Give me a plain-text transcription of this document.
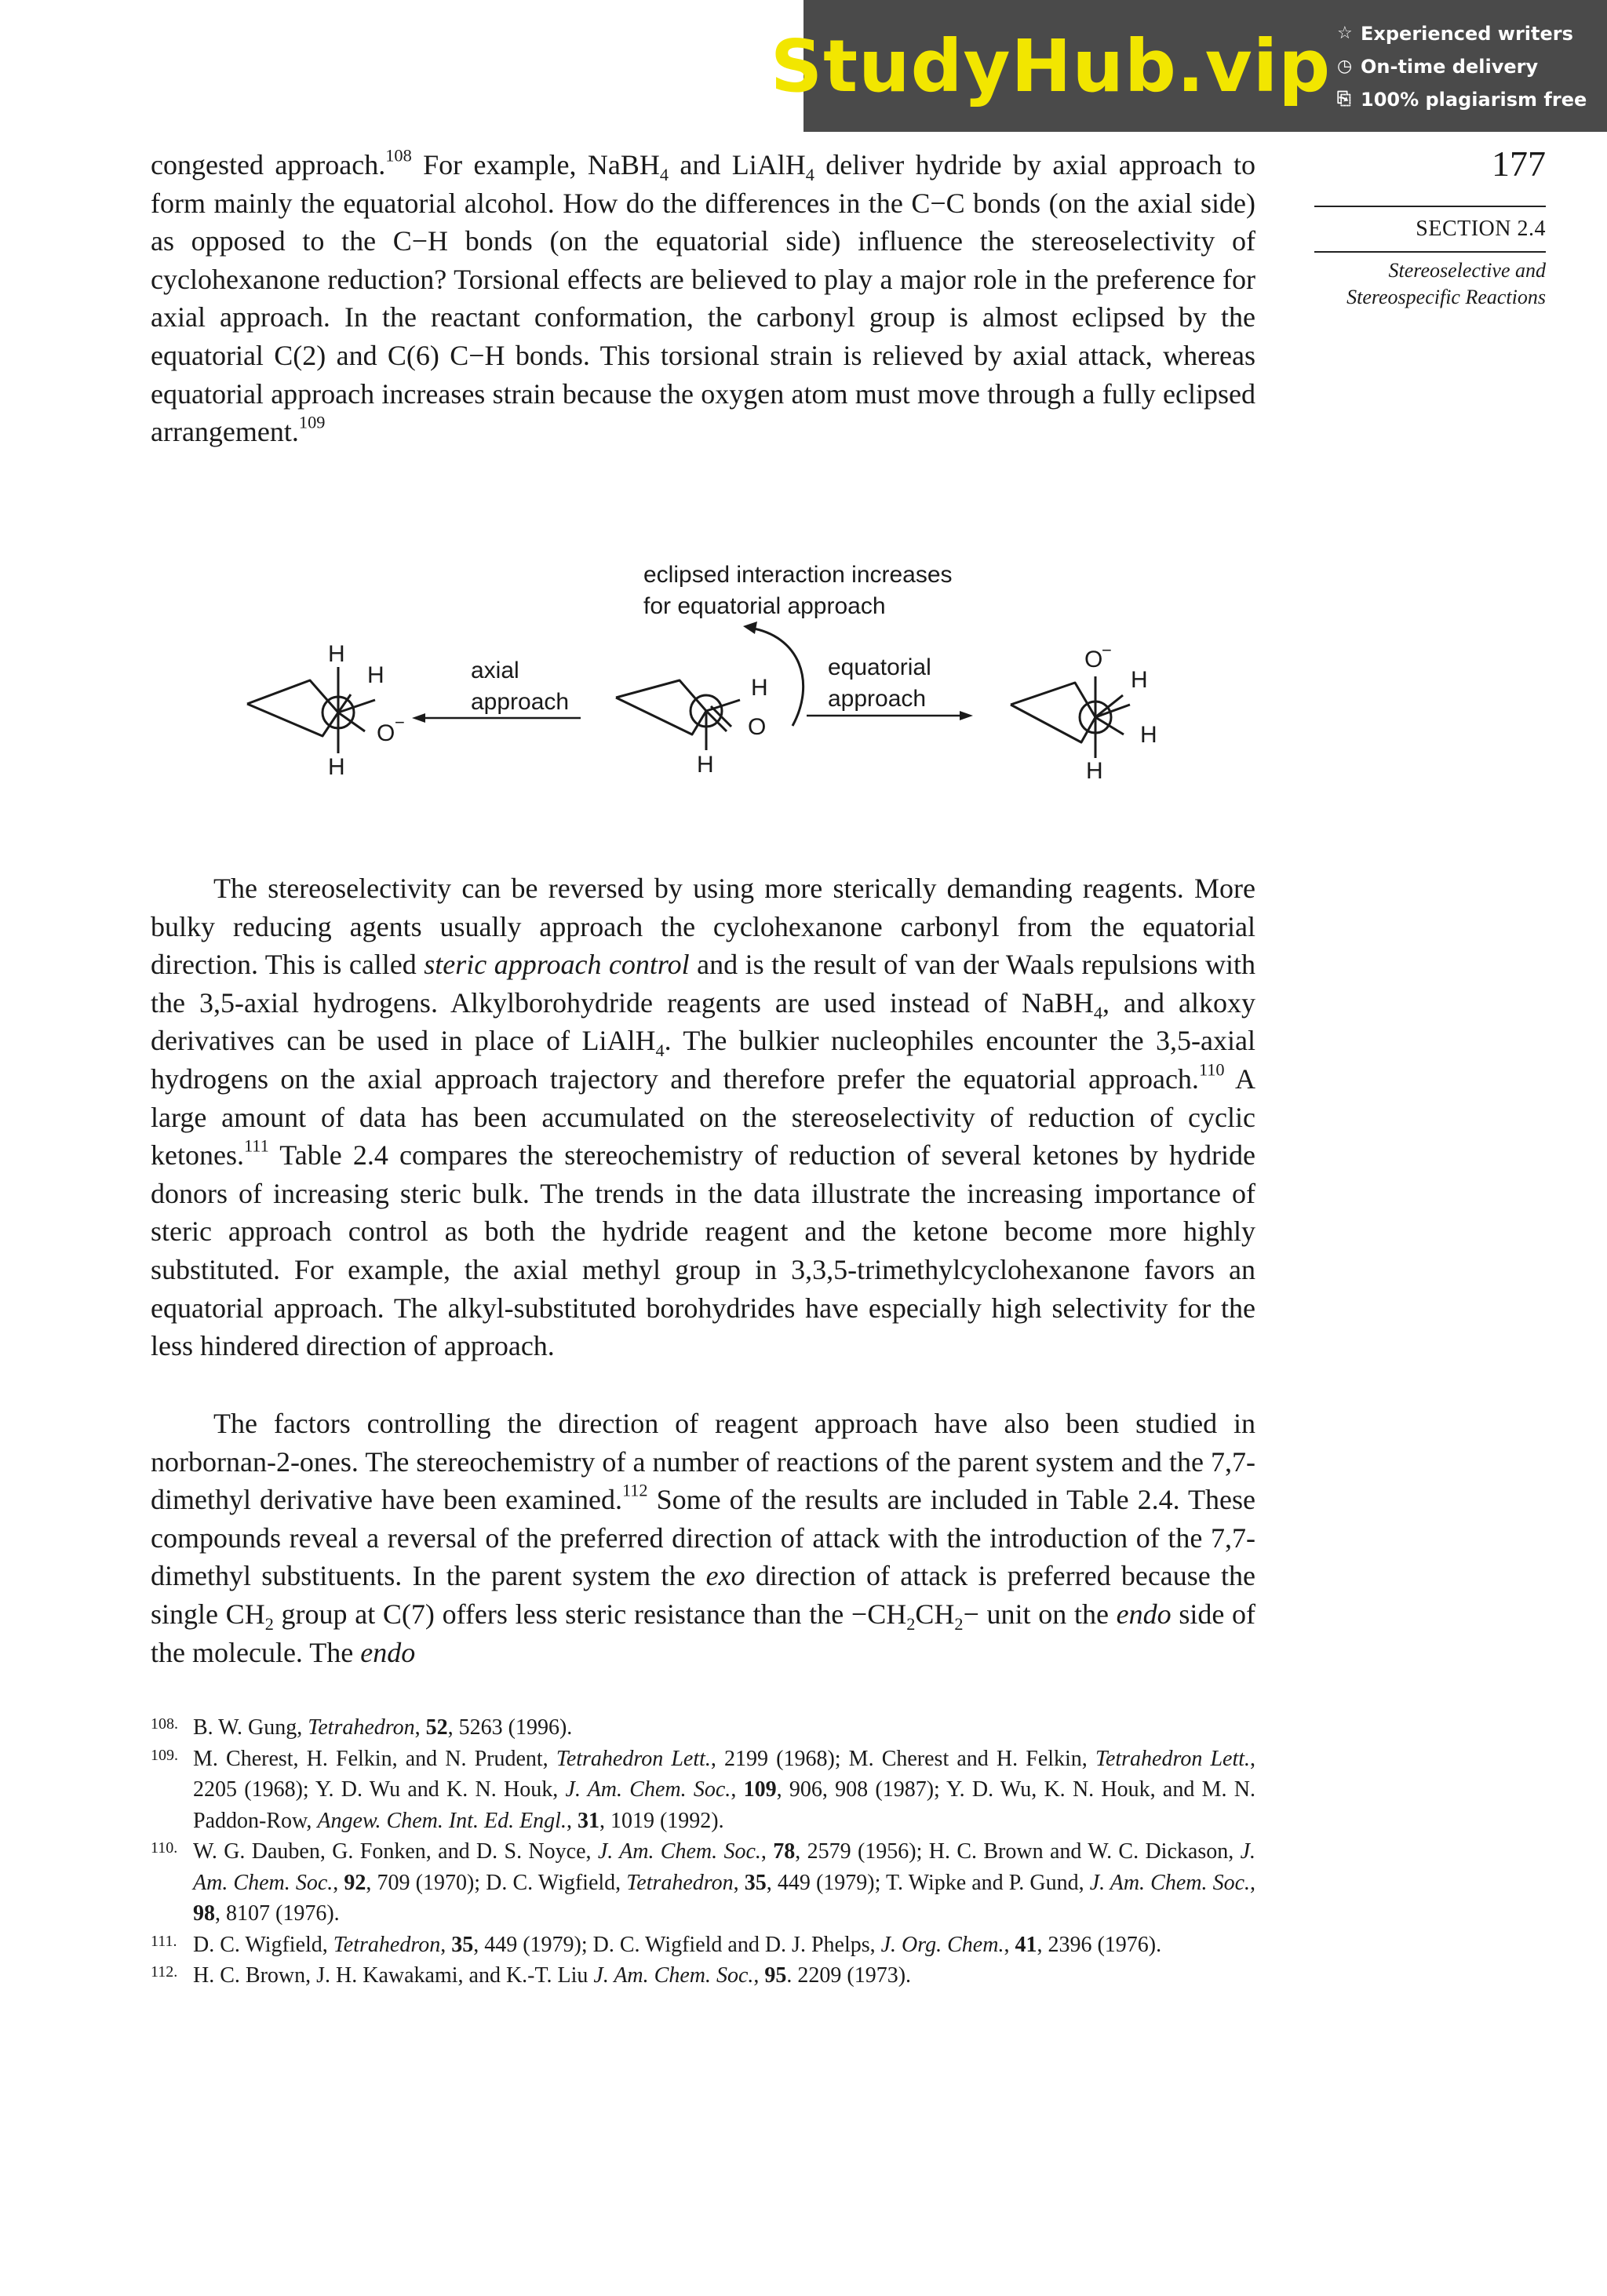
StudyHub.vip ☆ Experienced writers
◷ On-time delivery
⎘ 100% plagiarism free
177
SECTION 2.4
Stereoselective and
Stereospecific Reactions

congested approach.$^{108}$ For example, NaBH$_4$ and LiAlH$_4$ deliver hydride by axial approach to form mainly the equatorial alcohol. How do the differences in the C−C bonds (on the axial side) as opposed to the C−H bonds (on the equatorial side) influence the stereoselectivity of cyclohexanone reduction? Torsional effects are believed to play a major role in the preference for axial approach. In the reactant conformation, the carbonyl group is almost eclipsed by the equatorial C(2) and C(6) C−H bonds. This torsional strain is relieved by axial attack, whereas equatorial approach increases strain because the oxygen atom must move through a fully eclipsed arrangement.$^{109}$

eclipsed interaction increases
for equatorial approach
axial
approach
equatorial
approach
H
H
O −
H
H
O
H
O
−
H
H
H

The stereoselectivity can be reversed by using more sterically demanding reagents. More bulky reducing agents usually approach the cyclohexanone carbonyl from the equatorial direction. This is called steric approach control and is the result of van der Waals repulsions with the 3,5-axial hydrogens. Alkylborohydride reagents are used instead of NaBH$_4$, and alkoxy derivatives can be used in place of LiAlH$_4$. The bulkier nucleophiles encounter the 3,5-axial hydrogens on the axial approach trajectory and therefore prefer the equatorial approach.$^{110}$ A large amount of data has been accumulated on the stereoselectivity of reduction of cyclic ketones.$^{111}$ Table 2.4 compares the stereochemistry of reduction of several ketones by hydride donors of increasing steric bulk. The trends in the data illustrate the increasing importance of steric approach control as both the hydride reagent and the ketone become more highly substituted. For example, the axial methyl group in 3,3,5-trimethylcyclohexanone favors an equatorial approach. The alkyl-substituted borohydrides have especially high selectivity for the less hindered direction of approach.

The factors controlling the direction of reagent approach have also been studied in norbornan-2-ones. The stereochemistry of a number of reactions of the parent system and the 7,7-dimethyl derivative have been examined.$^{112}$ Some of the results are included in Table 2.4. These compounds reveal a reversal of the preferred direction of attack with the introduction of the 7,7-dimethyl substituents. In the parent system the exo direction of attack is preferred because the single $CH_2$ group at C(7) offers less steric resistance than the $-CH_2CH_2-$ unit on the endo side of the molecule. The endo

108. B. W. Gung, Tetrahedron, 52, 5263 (1996).
109. M. Cherest, H. Felkin, and N. Prudent, Tetrahedron Lett., 2199 (1968); M. Cherest and H. Felkin, Tetrahedron Lett., 2205 (1968); Y. D. Wu and K. N. Houk, J. Am. Chem. Soc., 109, 906, 908 (1987); Y. D. Wu, K. N. Houk, and M. N. Paddon-Row, Angew. Chem. Int. Ed. Engl., 31, 1019 (1992).
110. W. G. Dauben, G. Fonken, and D. S. Noyce, J. Am. Chem. Soc., 78, 2579 (1956); H. C. Brown and W. C. Dickason, J. Am. Chem. Soc., 92, 709 (1970); D. C. Wigfield, Tetrahedron, 35, 449 (1979); T. Wipke and P. Gund, J. Am. Chem. Soc., 98, 8107 (1976).
111. D. C. Wigfield, Tetrahedron, 35, 449 (1979); D. C. Wigfield and D. J. Phelps, J. Org. Chem., 41, 2396 (1976).
112. H. C. Brown, J. H. Kawakami, and K.-T. Liu J. Am. Chem. Soc., 95. 2209 (1973).
